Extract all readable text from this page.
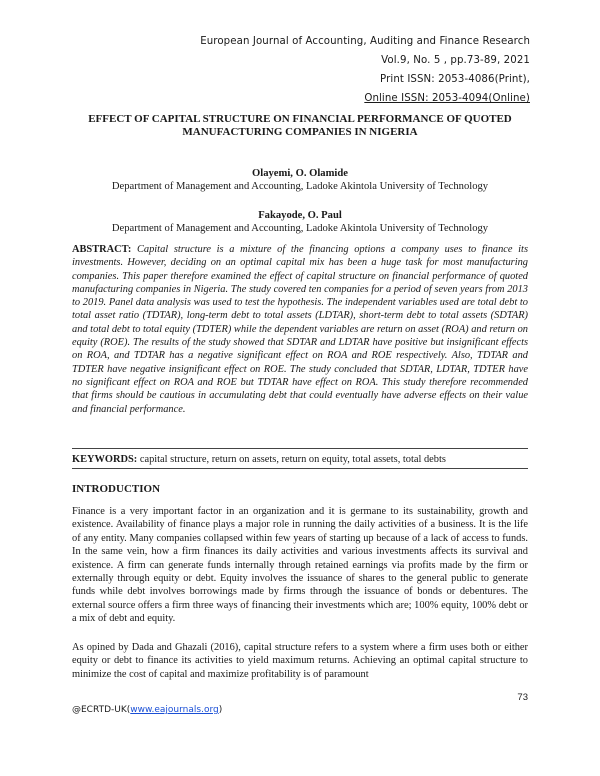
European Journal of Accounting, Auditing and Finance Research
Vol.9, No. 5 , pp.73-89, 2021
Print ISSN: 2053-4086(Print),
Online ISSN: 2053-4094(Online)
EFFECT OF CAPITAL STRUCTURE ON FINANCIAL PERFORMANCE OF QUOTED MANUFACTURING COMPANIES IN NIGERIA
Olayemi, O. Olamide
Department of Management and Accounting, Ladoke Akintola University of Technology
Fakayode, O. Paul
Department of Management and Accounting, Ladoke Akintola University of Technology
ABSTRACT: Capital structure is a mixture of the financing options a company uses to finance its investments. However, deciding on an optimal capital mix has been a huge task for most manufacturing companies. This paper therefore examined the effect of capital structure on financial performance of quoted manufacturing companies in Nigeria. The study covered ten companies for a period of seven years from 2013 to 2019. Panel data analysis was used to test the hypothesis. The independent variables used are total debt to total asset ratio (TDTAR), long-term debt to total assets (LDTAR), short-term debt to total assets (SDTAR) and total debt to total equity (TDTER) while the dependent variables are return on asset (ROA) and return on equity (ROE). The results of the study showed that SDTAR and LDTAR have positive but insignificant effects on ROA, and TDTAR has a negative significant effect on ROA and ROE respectively. Also, TDTAR and TDTER have negative insignificant effect on ROE. The study concluded that SDTAR, LDTAR, TDTER have no significant effect on ROA and ROE but TDTAR have effect on ROA. This study therefore recommended that firms should be cautious in accumulating debt that could eventually have adverse effects on their value and financial performance.
KEYWORDS: capital structure, return on assets, return on equity, total assets, total debts
INTRODUCTION
Finance is a very important factor in an organization and it is germane to its sustainability, growth and existence. Availability of finance plays a major role in running the daily activities of a business. It is the life of any entity. Many companies collapsed within few years of starting up because of a lack of access to funds. In the same vein, how a firm finances its daily activities and various investments affects its survival and existence. A firm can generate funds internally through retained earnings via profits made by the firm or externally through equity or debt. Equity involves the issuance of shares to the general public to generate funds while debt involves borrowings made by firms through the issuance of bonds or debentures. The external source offers a firm three ways of financing their investments which are; 100% equity, 100% debt or a mix of debt and equity.
As opined by Dada and Ghazali (2016), capital structure refers to a system where a firm uses both or either equity or debt to finance its activities to yield maximum returns. Achieving an optimal capital structure to minimize the cost of capital and maximize profitability is of paramount
73
@ECRTD-UK(www.eajournals.org)
